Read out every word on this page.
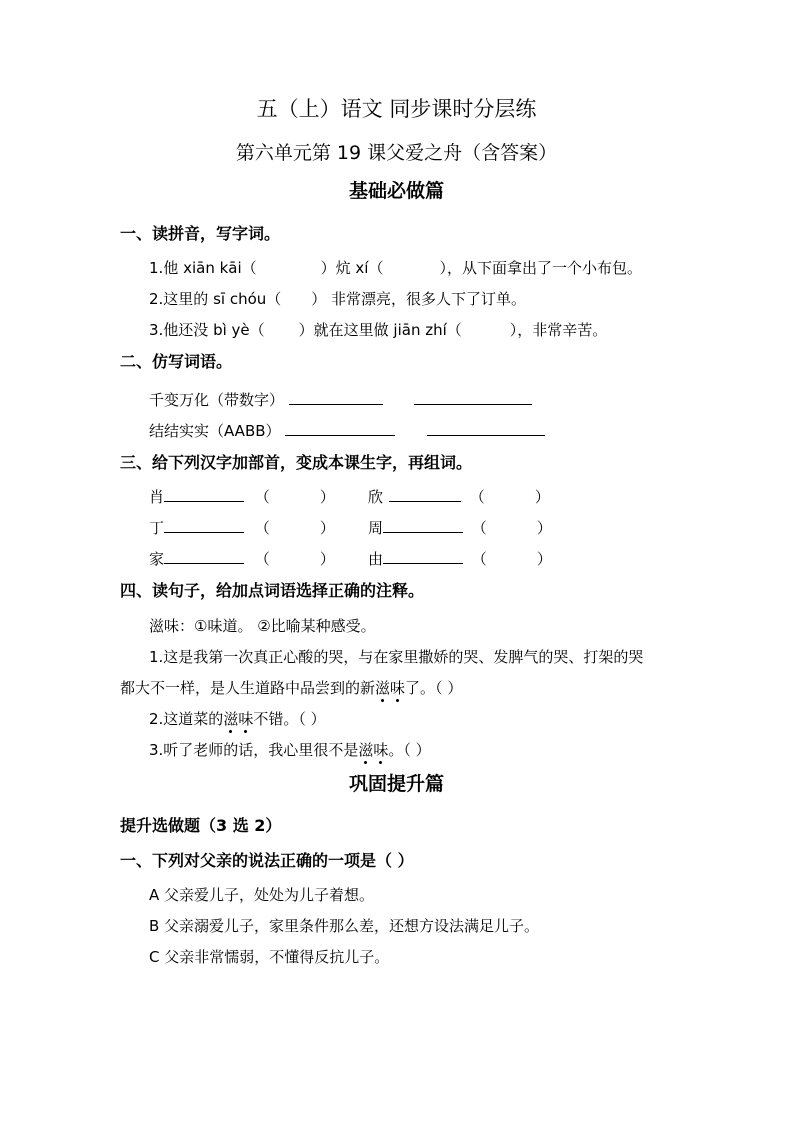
五（上）语文 同步课时分层练
第六单元第 19 课父爱之舟（含答案）
基础必做篇
一、读拼音，写字词。
1.他 xiān kāi（	）炕 xí（	），从下面拿出了一个小布包。
2.这里的 sī chóu（ ） 非常漂亮，很多人下了订单。
3.他还没 bì yè（ ）就在这里做 jiān zhí（	），非常辛苦。
二、仿写词语。
千变万化（带数字）
结结实实（AABB）
三、给下列汉字加部首，变成本课生字，再组词。
肖	（	） 欣	（	）
丁	（	） 周	（	）
家	（	） 由	（	）
四、读句子，给加点词语选择正确的注释。
滋味：①味道。 ②比喻某种感受。
1.这是我第一次真正心酸的哭，与在家里撒娇的哭、发脾气的哭、打架的哭
都大不一样，是人生道路中品尝到的新滋味了。（ ）
2.这道菜的滋味不错。（ ）
3.听了老师的话，我心里很不是滋味。（ ）
巩固提升篇
提升选做题（3 选 2）
一、下列对父亲的说法正确的一项是（ ）
A 父亲爱儿子，处处为儿子着想。
B 父亲溺爱儿子，家里条件那么差，还想方设法满足儿子。
C 父亲非常懦弱，不懂得反抗儿子。
